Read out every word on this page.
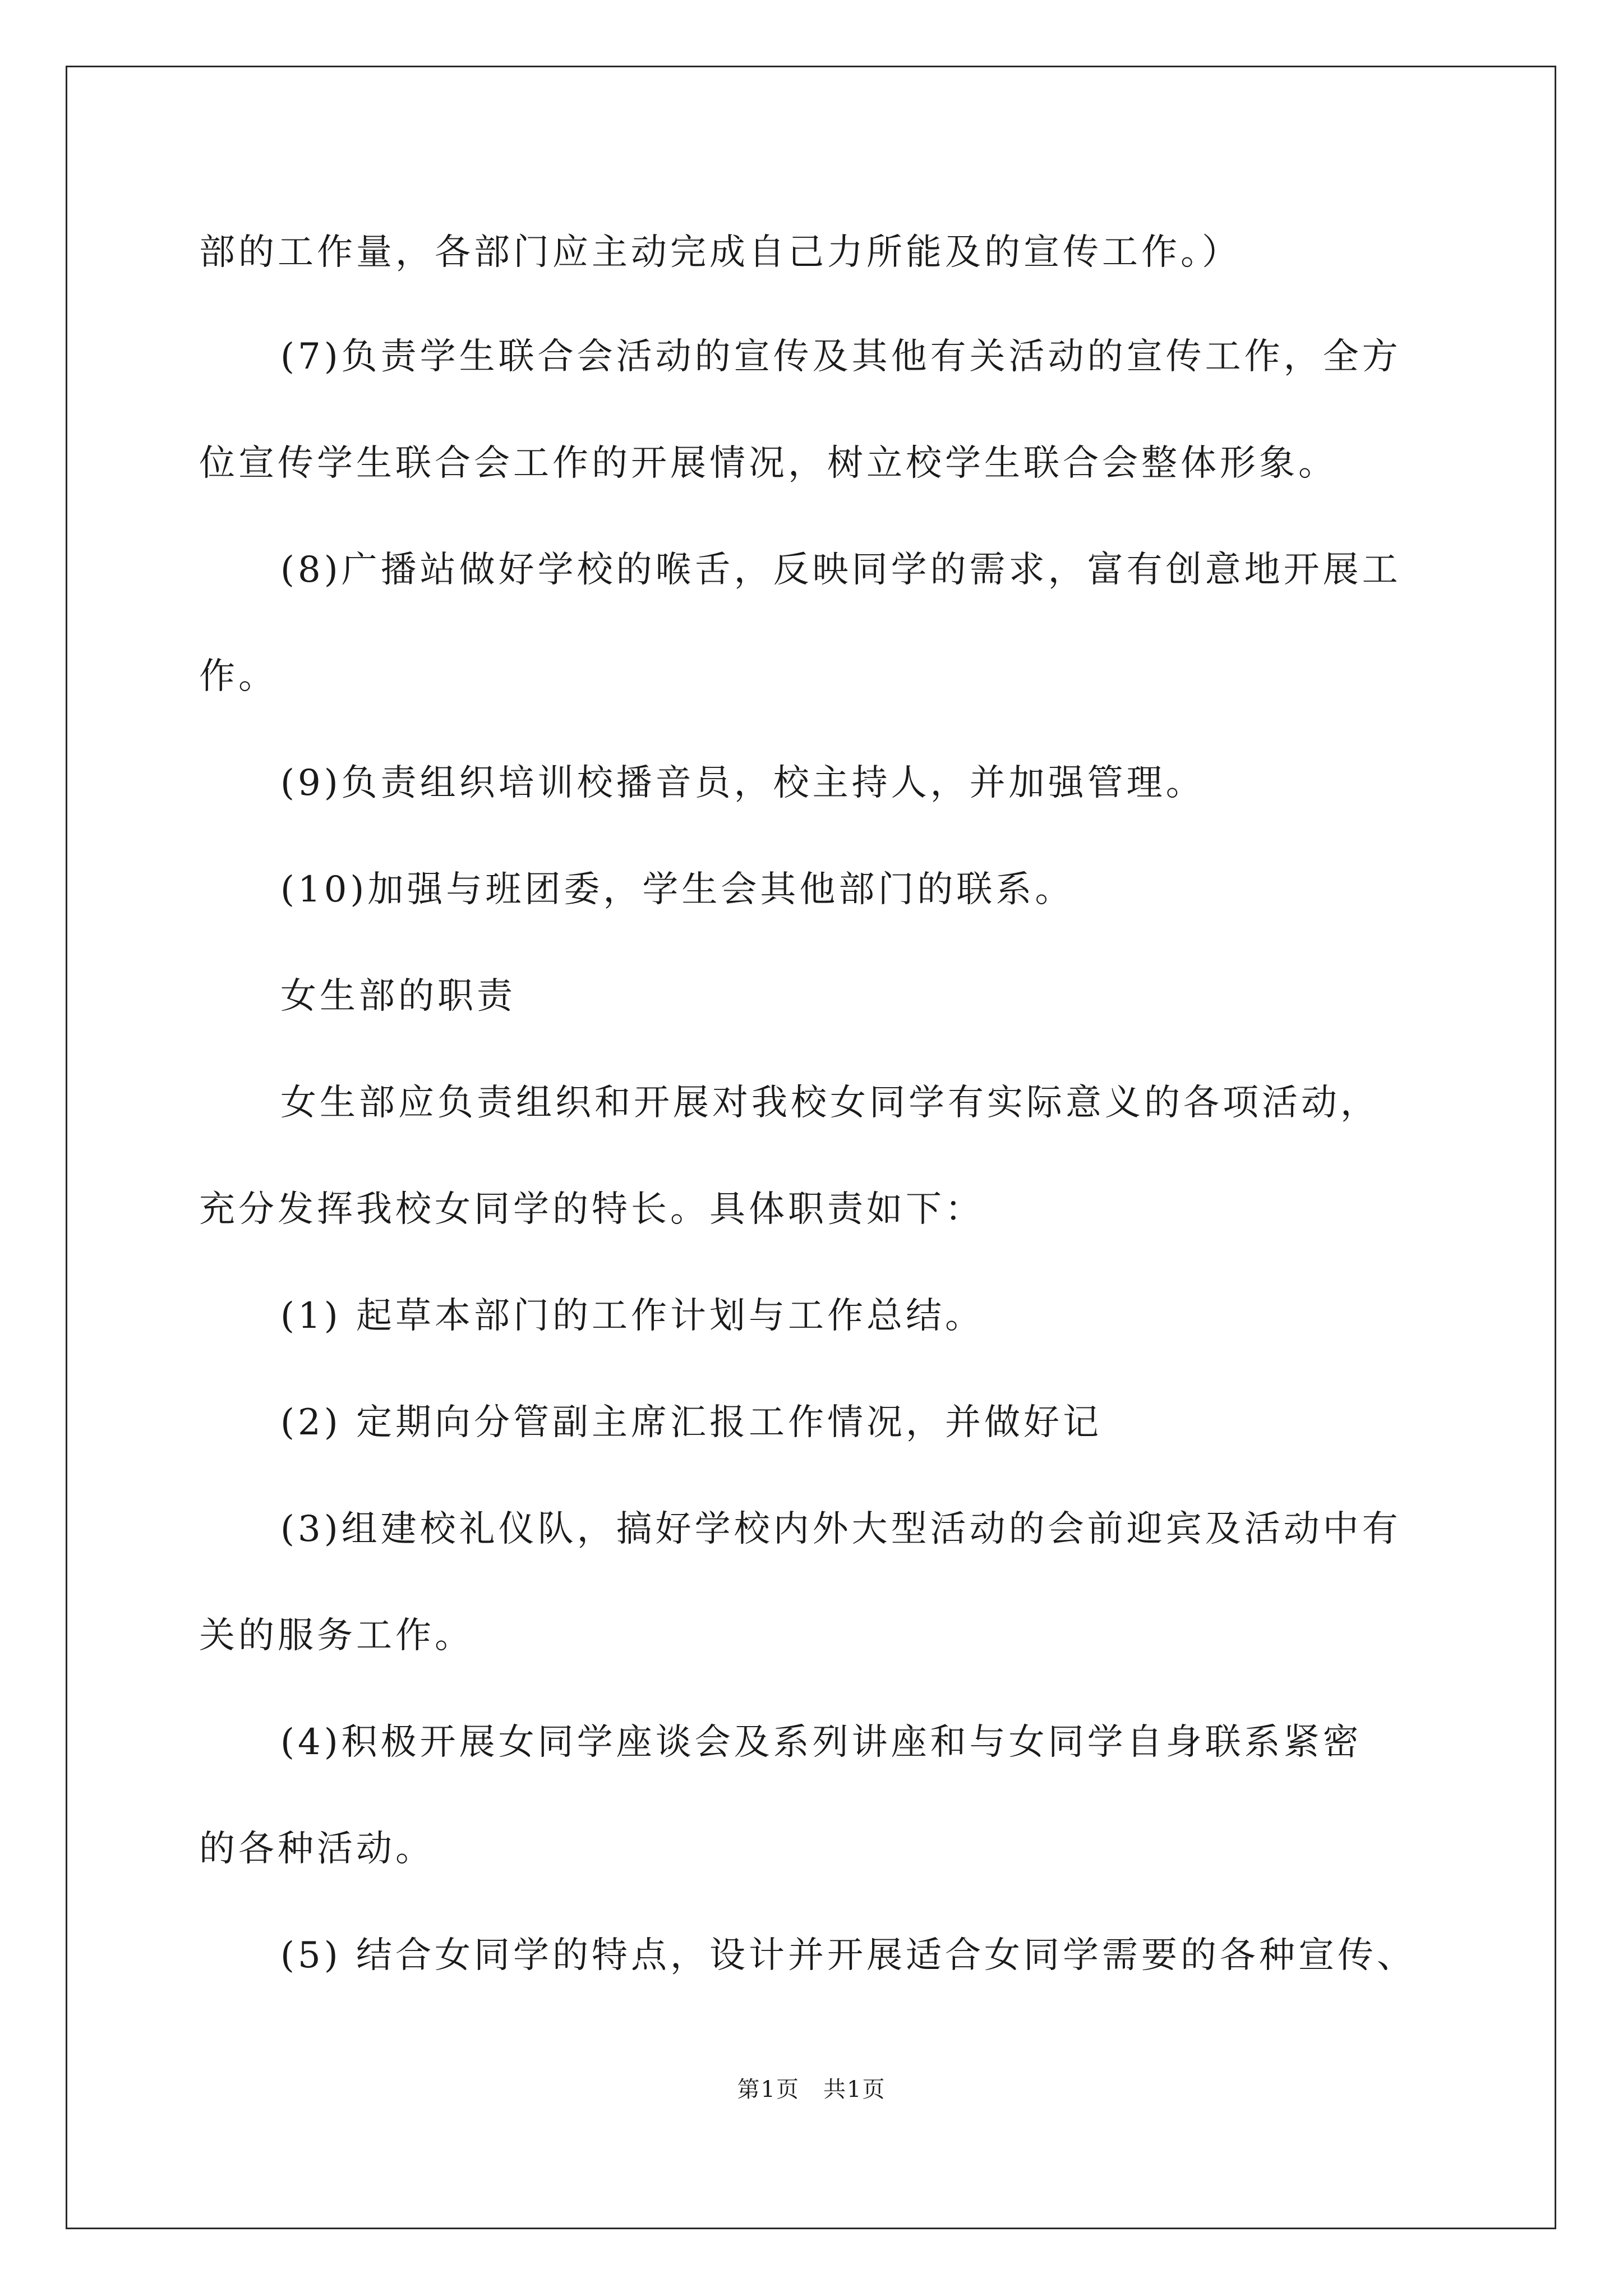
部的工作量，各部门应主动完成自己力所能及的宣传工作。）
(7)负责学生联合会活动的宣传及其他有关活动的宣传工作，全方
位宣传学生联合会工作的开展情况，树立校学生联合会整体形象。
(8)广播站做好学校的喉舌，反映同学的需求，富有创意地开展工
作。
(9)负责组织培训校播音员，校主持人，并加强管理。
(10)加强与班团委，学生会其他部门的联系。
女生部的职责
女生部应负责组织和开展对我校女同学有实际意义的各项活动，
充分发挥我校女同学的特长。具体职责如下：
(1) 起草本部门的工作计划与工作总结。
(2) 定期向分管副主席汇报工作情况，并做好记
(3)组建校礼仪队，搞好学校内外大型活动的会前迎宾及活动中有
关的服务工作。
(4)积极开展女同学座谈会及系列讲座和与女同学自身联系紧密
的各种活动。
(5) 结合女同学的特点，设计并开展适合女同学需要的各种宣传、
第1页　共1页
